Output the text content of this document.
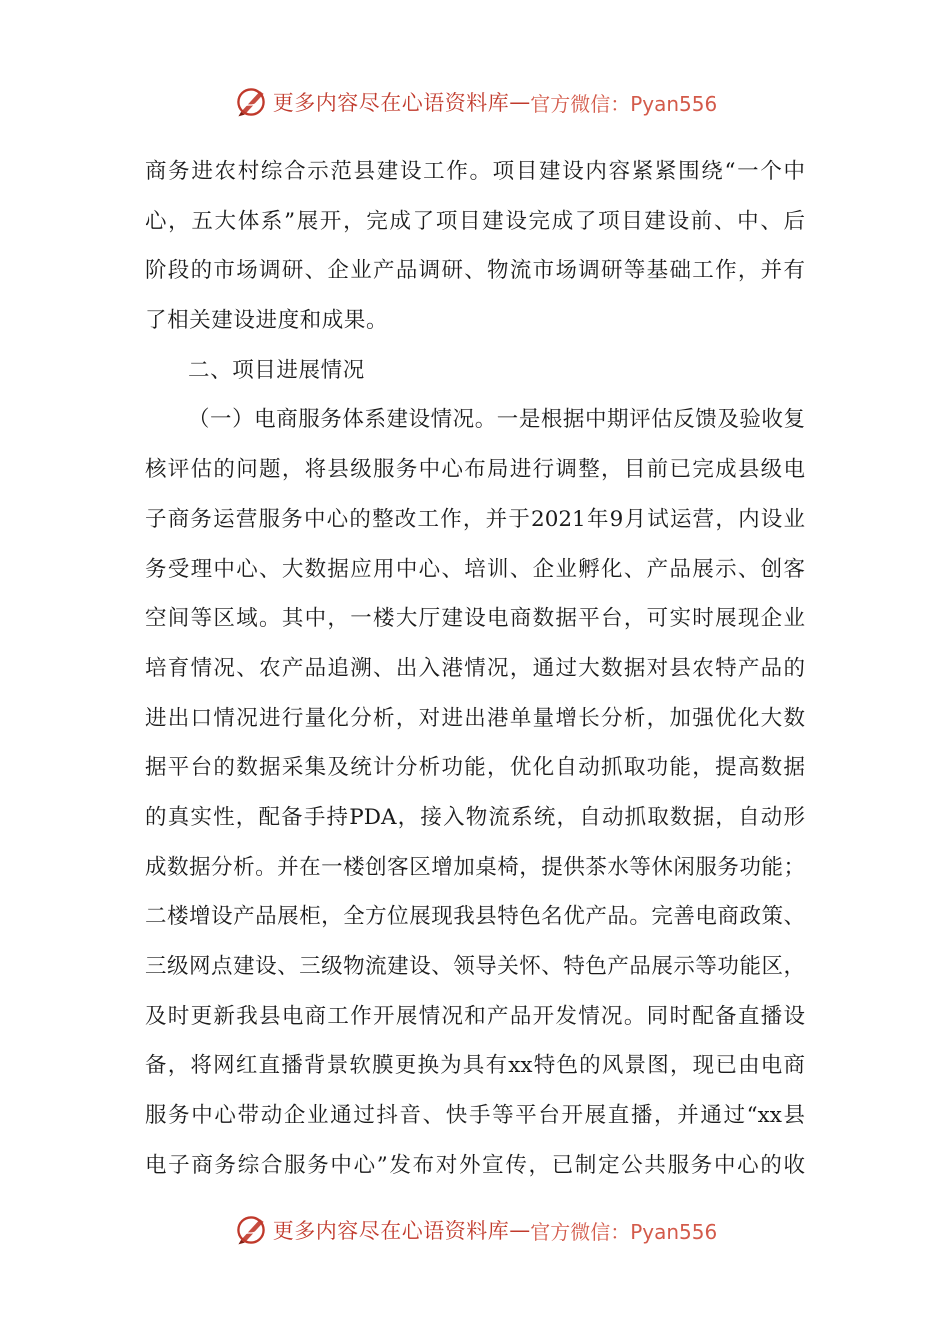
更多内容尽在心语资料库 — 官方微信：Pyan556
商务进农村综合示范县建设工作。项目建设内容紧紧围绕“一个中
心，五大体系”展开，完成了项目建设完成了项目建设前、中、后
阶段的市场调研、企业产品调研、物流市场调研等基础工作，并有
了相关建设进度和成果。
二、项目进展情况
（一）电商服务体系建设情况。一是根据中期评估反馈及验收复
核评估的问题，将县级服务中心布局进行调整，目前已完成县级电
子商务运营服务中心的整改工作，并于2021年9月试运营，内设业
务受理中心、大数据应用中心、培训、企业孵化、产品展示、创客
空间等区域。其中，一楼大厅建设电商数据平台，可实时展现企业
培育情况、农产品追溯、出入港情况，通过大数据对县农特产品的
进出口情况进行量化分析，对进出港单量增长分析，加强优化大数
据平台的数据采集及统计分析功能，优化自动抓取功能，提高数据
的真实性，配备手持PDA，接入物流系统，自动抓取数据，自动形
成数据分析。并在一楼创客区增加桌椅，提供茶水等休闲服务功能；
二楼增设产品展柜，全方位展现我县特色名优产品。完善电商政策、
三级网点建设、三级物流建设、领导关怀、特色产品展示等功能区，
及时更新我县电商工作开展情况和产品开发情况。同时配备直播设
备，将网红直播背景软膜更换为具有xx特色的风景图，现已由电商
服务中心带动企业通过抖音、快手等平台开展直播，并通过“xx县
电子商务综合服务中心”发布对外宣传，已制定公共服务中心的收
更多内容尽在心语资料库 — 官方微信：Pyan556
